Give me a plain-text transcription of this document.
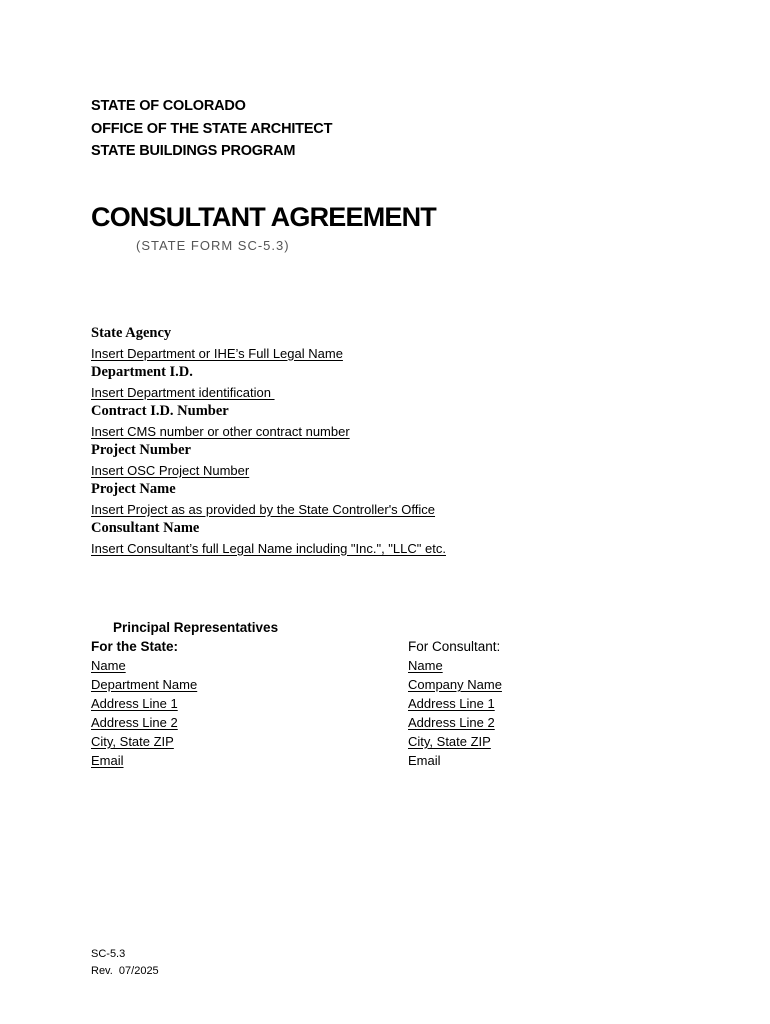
STATE OF COLORADO
OFFICE OF THE STATE ARCHITECT
STATE BUILDINGS PROGRAM
CONSULTANT AGREEMENT
(STATE FORM SC-5.3)
State Agency
Insert Department or IHE’s Full Legal Name
Department I.D.
Insert Department identification
Contract I.D. Number
Insert CMS number or other contract number
Project Number
Insert OSC Project Number
Project Name
Insert Project as as provided by the State Controller's Office
Consultant Name
Insert Consultant’s full Legal Name including "Inc.", "LLC" etc.
Principal Representatives
For the State:
Name
Department Name
Address Line 1
Address Line 2
City, State ZIP
Email
For Consultant:
Name
Company Name
Address Line 1
Address Line 2
City, State ZIP
Email
SC-5.3
Rev.  07/2025
